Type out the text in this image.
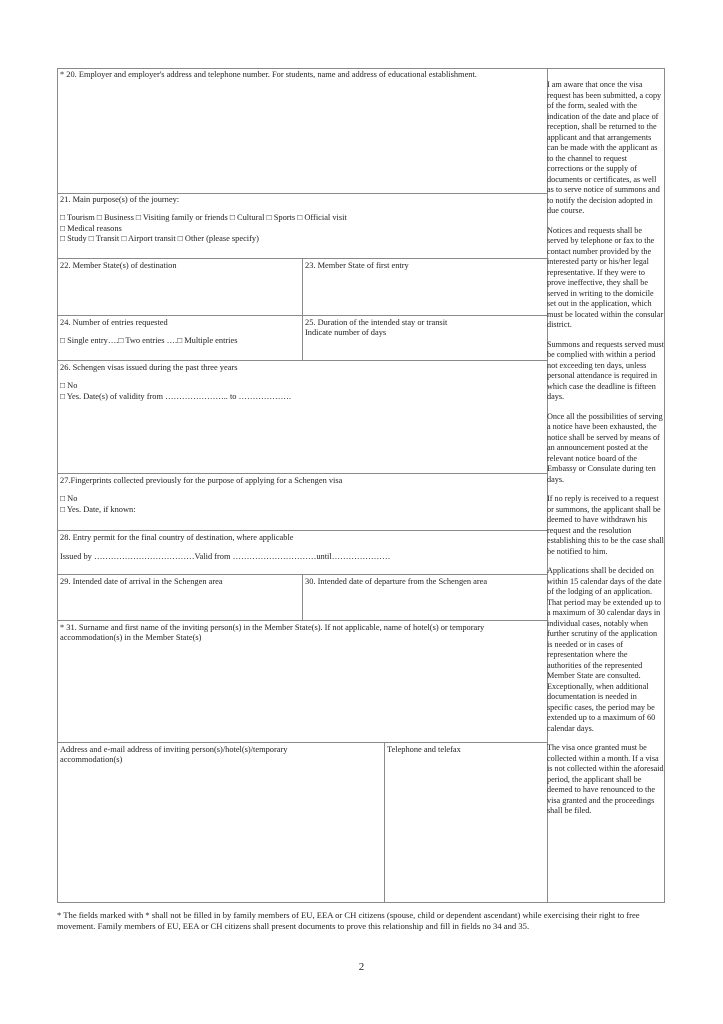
* 20. Employer and employer's address and telephone number. For students, name and address of educational establishment.
21. Main purpose(s) of the journey:
□ Tourism □ Business □ Visiting family or friends □ Cultural □ Sports □ Official visit
□ Medical reasons
□ Study □ Transit □ Airport transit □ Other (please specify)
22. Member State(s) of destination	23. Member State of first entry
24. Number of entries requested
□ Single entry….□ Two entries ….□ Multiple entries
25. Duration of the intended stay or transit
Indicate number of days
26. Schengen visas issued during the past three years
□ No
□ Yes. Date(s) of validity from ………………….. to ……………….
27.Fingerprints collected previously for the purpose of applying for a Schengen visa
□ No
□ Yes. Date, if known:
28. Entry permit for the final country of destination, where applicable
Issued by ………………………………Valid from …………………………until…………………
29. Intended date of arrival in the Schengen area	30. Intended date of departure from the Schengen area
* 31. Surname and first name of the inviting person(s) in the Member State(s). If not applicable, name of hotel(s) or temporary accommodation(s) in the Member State(s)
Address and e-mail address of inviting person(s)/hotel(s)/temporary accommodation(s)
Telephone and telefax

I am aware that once the visa request has been submitted, a copy of the form, sealed with the indication of the date and place of reception, shall be returned to the applicant and that arrangements can be made with the applicant as to the channel to request corrections or the supply of documents or certificates, as well as to serve notice of summons and to notify the decision adopted in due course.

Notices and requests shall be served by telephone or fax to the contact number provided by the interested party or his/her legal representative. If they were to prove ineffective, they shall be served in writing to the domicile set out in the application, which must be located within the consular district.

Summons and requests served must be complied with within a period not exceeding ten days, unless personal attendance is required in which case the deadline is fifteen days.

Once all the possibilities of serving a notice have been exhausted, the notice shall be served by means of an announcement posted at the relevant notice board of the Embassy or Consulate during ten days.

If no reply is received to a request or summons, the applicant shall be deemed to have withdrawn his request and the resolution establishing this to be the case shall be notified to him.

Applications shall be decided on within 15 calendar days of the date of the lodging of an application. That period may be extended up to a maximum of 30 calendar days in individual cases, notably when further scrutiny of the application is needed or in cases of representation where the authorities of the represented Member State are consulted. Exceptionally, when additional documentation is needed in specific cases, the period may be extended up to a maximum of 60 calendar days.

The visa once granted must be collected within a month. If a visa is not collected within the aforesaid period, the applicant shall be deemed to have renounced to the visa granted and the proceedings shall be filed.

* The fields marked with * shall not be filled in by family members of EU, EEA or CH citizens (spouse, child or dependent ascendant) while exercising their right to free movement. Family members of EU, EEA or CH citizens shall present documents to prove this relationship and fill in fields no 34 and 35.
2
